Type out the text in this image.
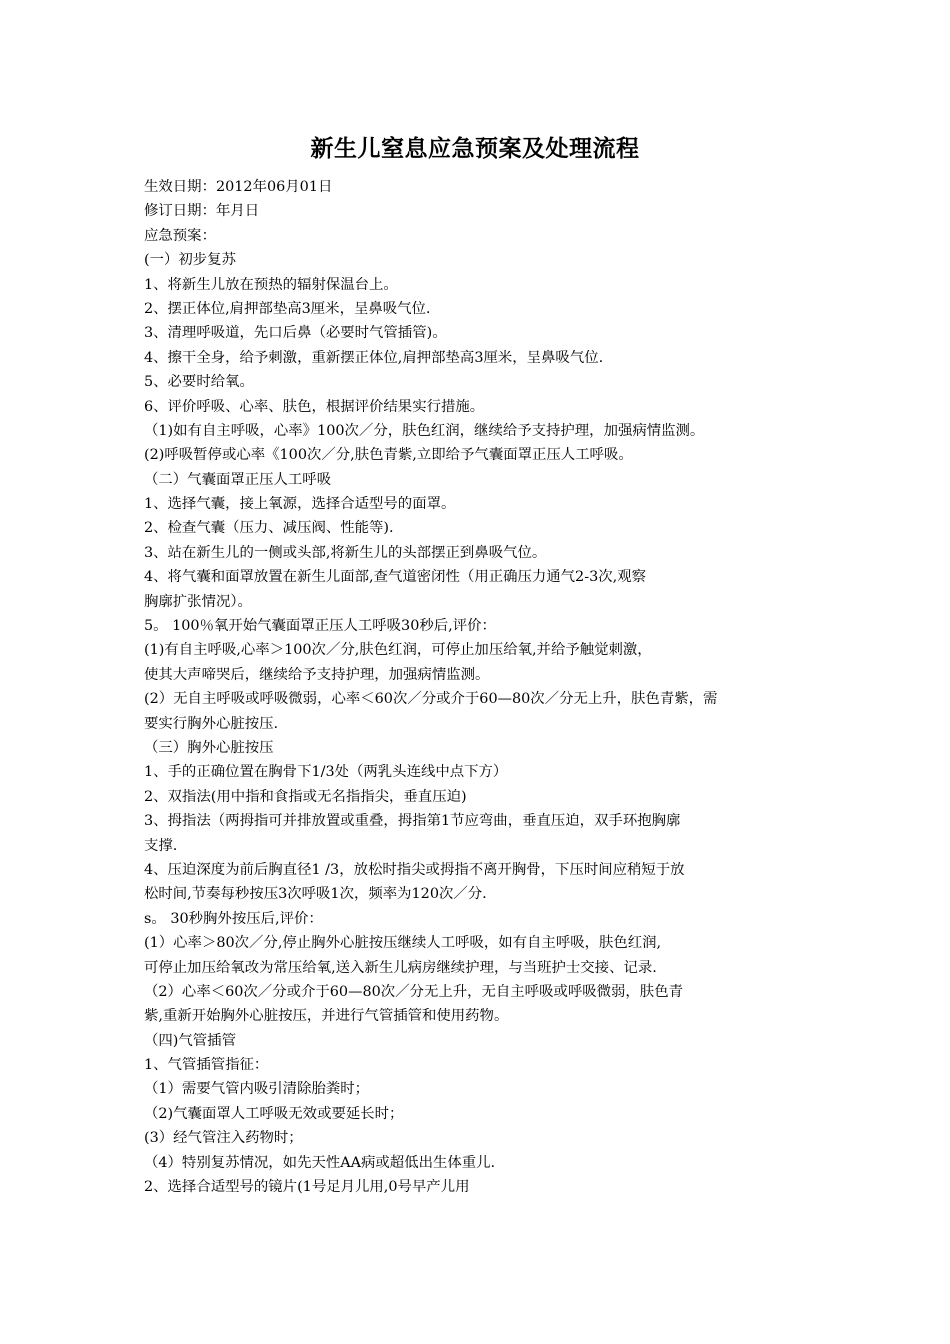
新生儿窒息应急预案及处理流程
生效日期：2012年06月01日
修订日期：年月日
应急预案：
(一）初步复苏
1、将新生儿放在预热的辐射保温台上。
2、摆正体位,肩押部垫高3厘米，呈鼻吸气位.
3、清理呼吸道，先口后鼻（必要时气管插管)。
4、擦干全身，给予刺激，重新摆正体位,肩押部垫高3厘米，呈鼻吸气位.
5、必要时给氧。
6、评价呼吸、心率、肤色，根据评价结果实行措施。
（1)如有自主呼吸，心率》100次／分，肤色红润，继续给予支持护理，加强病情监测。
(2)呼吸暂停或心率《100次／分,肤色青紫,立即给予气囊面罩正压人工呼吸。
（二）气囊面罩正压人工呼吸
1、选择气囊，接上氧源，选择合适型号的面罩。
2、检查气囊（压力、减压阀、性能等).
3、站在新生儿的一侧或头部,将新生儿的头部摆正到鼻吸气位。
4、将气囊和面罩放置在新生儿面部,查气道密闭性（用正确压力通气2-3次,观察
胸廓扩张情况）。
5。 100％氧开始气囊面罩正压人工呼吸30秒后,评价：
(1)有自主呼吸,心率＞100次／分,肤色红润，可停止加压给氧,并给予触觉刺激，
使其大声啼哭后，继续给予支持护理，加强病情监测。
(2）无自主呼吸或呼吸微弱，心率＜60次／分或介于60—80次／分无上升，肤色青紫，需
要实行胸外心脏按压.
（三）胸外心脏按压
1、手的正确位置在胸骨下1/3处（两乳头连线中点下方）
2、双指法(用中指和食指或无名指指尖，垂直压迫)
3、拇指法（两拇指可并排放置或重叠，拇指第1节应弯曲，垂直压迫，双手环抱胸廓
支撑.
4、压迫深度为前后胸直径1 /3，放松时指尖或拇指不离开胸骨，下压时间应稍短于放
松时间,节奏每秒按压3次呼吸1次，频率为120次／分.
s。 30秒胸外按压后,评价：
(1）心率＞80次／分,停止胸外心脏按压继续人工呼吸，如有自主呼吸，肤色红润,
可停止加压给氧改为常压给氧,送入新生儿病房继续护理，与当班护士交接、记录.
（2）心率＜60次／分或介于60—80次／分无上升，无自主呼吸或呼吸微弱，肤色青
紫,重新开始胸外心脏按压，并进行气管插管和使用药物。
（四)气管插管
1、气管插管指征：
（1）需要气管内吸引清除胎粪时；
（2)气囊面罩人工呼吸无效或要延长时；
(3）经气管注入药物时；
（4）特别复苏情况，如先天性AA病或超低出生体重儿.
2、选择合适型号的镜片(1号足月儿用,0号早产儿用
